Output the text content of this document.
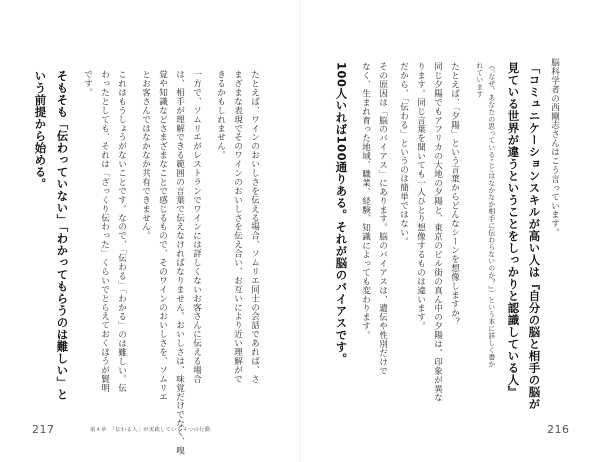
たとえば、ワインのおいしさを伝える場合、ソムリエ同士の会話であれば、さ

まざまな表現でそのワインのおいしさを伝え合い、お互いにより近い理解がで

きるかもしれません。

一方で、ソムリエがレストランでワインには詳しくないお客さんに伝える場合

は、相手が理解できる範囲の言葉で伝えなければなりません。おいしさは、味覚だけでなく、嗅

覚や知識などさまざまなことで感じるもので、そのワインのおいしさを、ソムリエ

とお客さんではなかなか共有できません。

これはもうしょうがないことです。なので、「伝わる」「わかる」のは難しい。伝

わったとしても、それは「ざっくり伝わった」くらいでとらえておくほうが賢明

です。

そもそも「伝わっていない」「わかってもらうのは難しい」と

いう前提から始める。

217	第４章　「伝わる人」が実践している４つの行動

脳科学者の西剛志さんはこう言っています。

「コミュニケーションスキルが高い人は『自分の脳と相手の脳が

見ている世界が違うということをしっかりと認識している人』

（『なぜ、あなたの思っていることはなかなか相手に伝わらないのか？』）という本に詳しく書か

れています

たとえば、「夕陽」という言葉からどんなシーンを想像しますか？

同じ夕陽でもアフリカの大地の夕陽と、東京のビル街の真ん中の夕陽は、印象が異な

ります。同じ言葉を聞いても一人ひとり想像するものは違います。

だから、「伝わる」というのは簡単ではない。

その原因は「脳のバイアス」にあります。脳のバイアスは、遺伝や性別だけで

なく、生まれ育った地域、職業、経験、知識によっても変わります。

100人いれば100通りある。それが脳のバイアスです。

216
